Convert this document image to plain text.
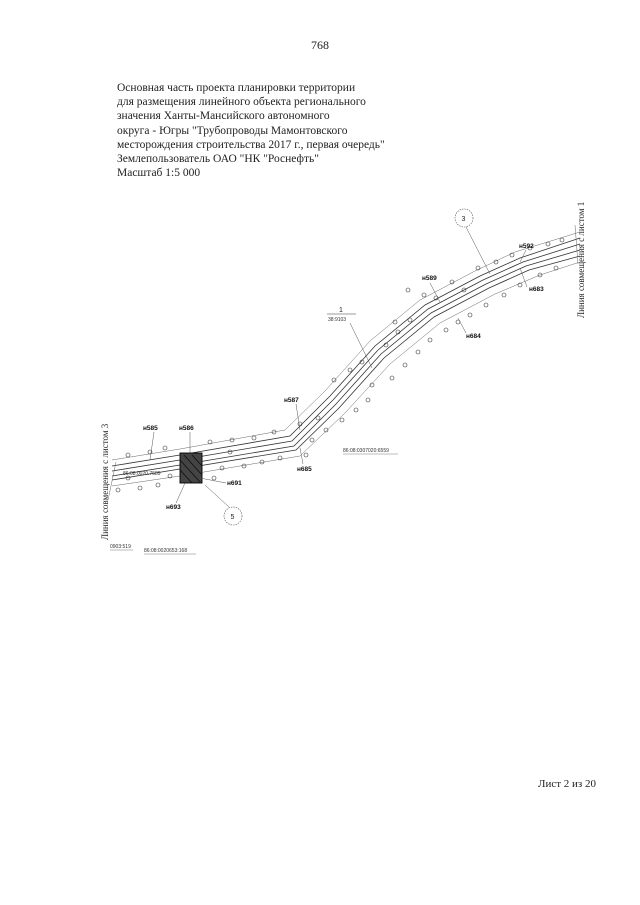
768
Основная часть проекта планировки территории
для размещения линейного объекта регионального
значения Ханты-Мансийского автономного
округа - Югры "Трубопроводы Мамонтовского
месторождения строительства 2017 г., первая очередь"
Землепользователь ОАО "НК "Роснефть"
Масштаб 1:5 000
н585	н586
н587
н589
н592
н683
н684
н685
н691
н693
3
5
1
38:9103
86:08:0307020:6559
86:08:0020653:168
0903:519
86:08:0020.7589
Линия совмещения с листом 3
Линия совмещения с листом 1
Лист 2 из 20
